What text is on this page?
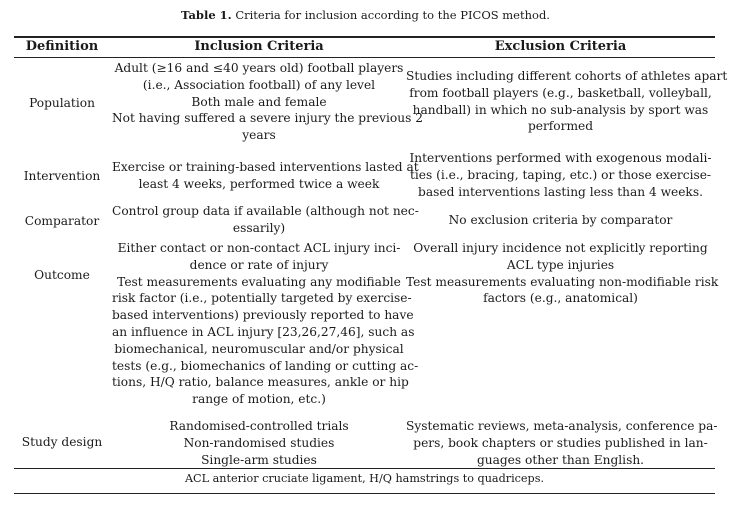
Table 1. Criteria for inclusion according to the PICOS method.
Definition	Inclusion Criteria	Exclusion Criteria
Population
Adult (≥16 and ≤40 years old) football players
(i.e., Association football) of any level
Both male and female
Not having suffered a severe injury the previous 2
years
Studies including different cohorts of athletes apart
from football players (e.g., basketball, volleyball,
handball) in which no sub-analysis by sport was
performed
Intervention
Exercise or training-based interventions lasted at
least 4 weeks, performed twice a week
Interventions performed with exogenous modali-
ties (i.e., bracing, taping, etc.) or those exercise-
based interventions lasting less than 4 weeks.
Comparator
Control group data if available (although not nec-
essarily)
No exclusion criteria by comparator
Outcome
Either contact or non-contact ACL injury inci-
dence or rate of injury
Test measurements evaluating any modifiable
risk factor (i.e., potentially targeted by exercise-
based interventions) previously reported to have
an influence in ACL injury [23,26,27,46], such as
biomechanical, neuromuscular and/or physical
tests (e.g., biomechanics of landing or cutting ac-
tions, H/Q ratio, balance measures, ankle or hip
range of motion, etc.)
Overall injury incidence not explicitly reporting
ACL type injuries
Test measurements evaluating non-modifiable risk
factors (e.g., anatomical)
Study design
Randomised-controlled trials
Non-randomised studies
Single-arm studies
Systematic reviews, meta-analysis, conference pa-
pers, book chapters or studies published in lan-
guages other than English.
ACL anterior cruciate ligament, H/Q hamstrings to quadriceps.
